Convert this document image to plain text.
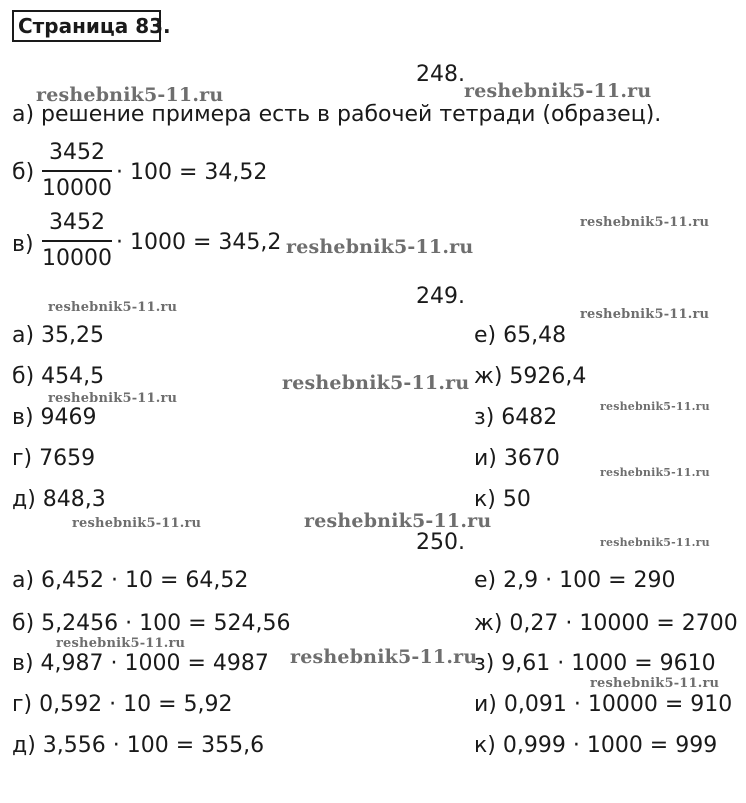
Страница 83.
248.
а) решение примера есть в рабочей тетради (образец).
б)
3452
10000
· 100 = 34,52
в)
3452
10000
· 1000 = 345,2
249.
а) 35,25
б) 454,5
в) 9469
г) 7659
д) 848,3
е) 65,48
ж) 5926,4
з) 6482
и) 3670
к) 50
250.
а) 6,452 · 10 = 64,52
б) 5,2456 · 100 = 524,56
в) 4,987 · 1000 = 4987
г) 0,592 · 10 = 5,92
д) 3,556 · 100 = 355,6
е) 2,9 · 100 = 290
ж) 0,27 · 10000 = 2700
з) 9,61 · 1000 = 9610
и) 0,091 · 10000 = 910
к) 0,999 · 1000 = 999
reshebnik5-11.ru	reshebnik5-11.ru
reshebnik5-11.ru
reshebnik5-11.ru
reshebnik5-11.ru	reshebnik5-11.ru
reshebnik5-11.ru
reshebnik5-11.ru
reshebnik5-11.ru
reshebnik5-11.ru
reshebnik5-11.ru	reshebnik5-11.ru
reshebnik5-11.ru
reshebnik5-11.ru
reshebnik5-11.ru
reshebnik5-11.ru
